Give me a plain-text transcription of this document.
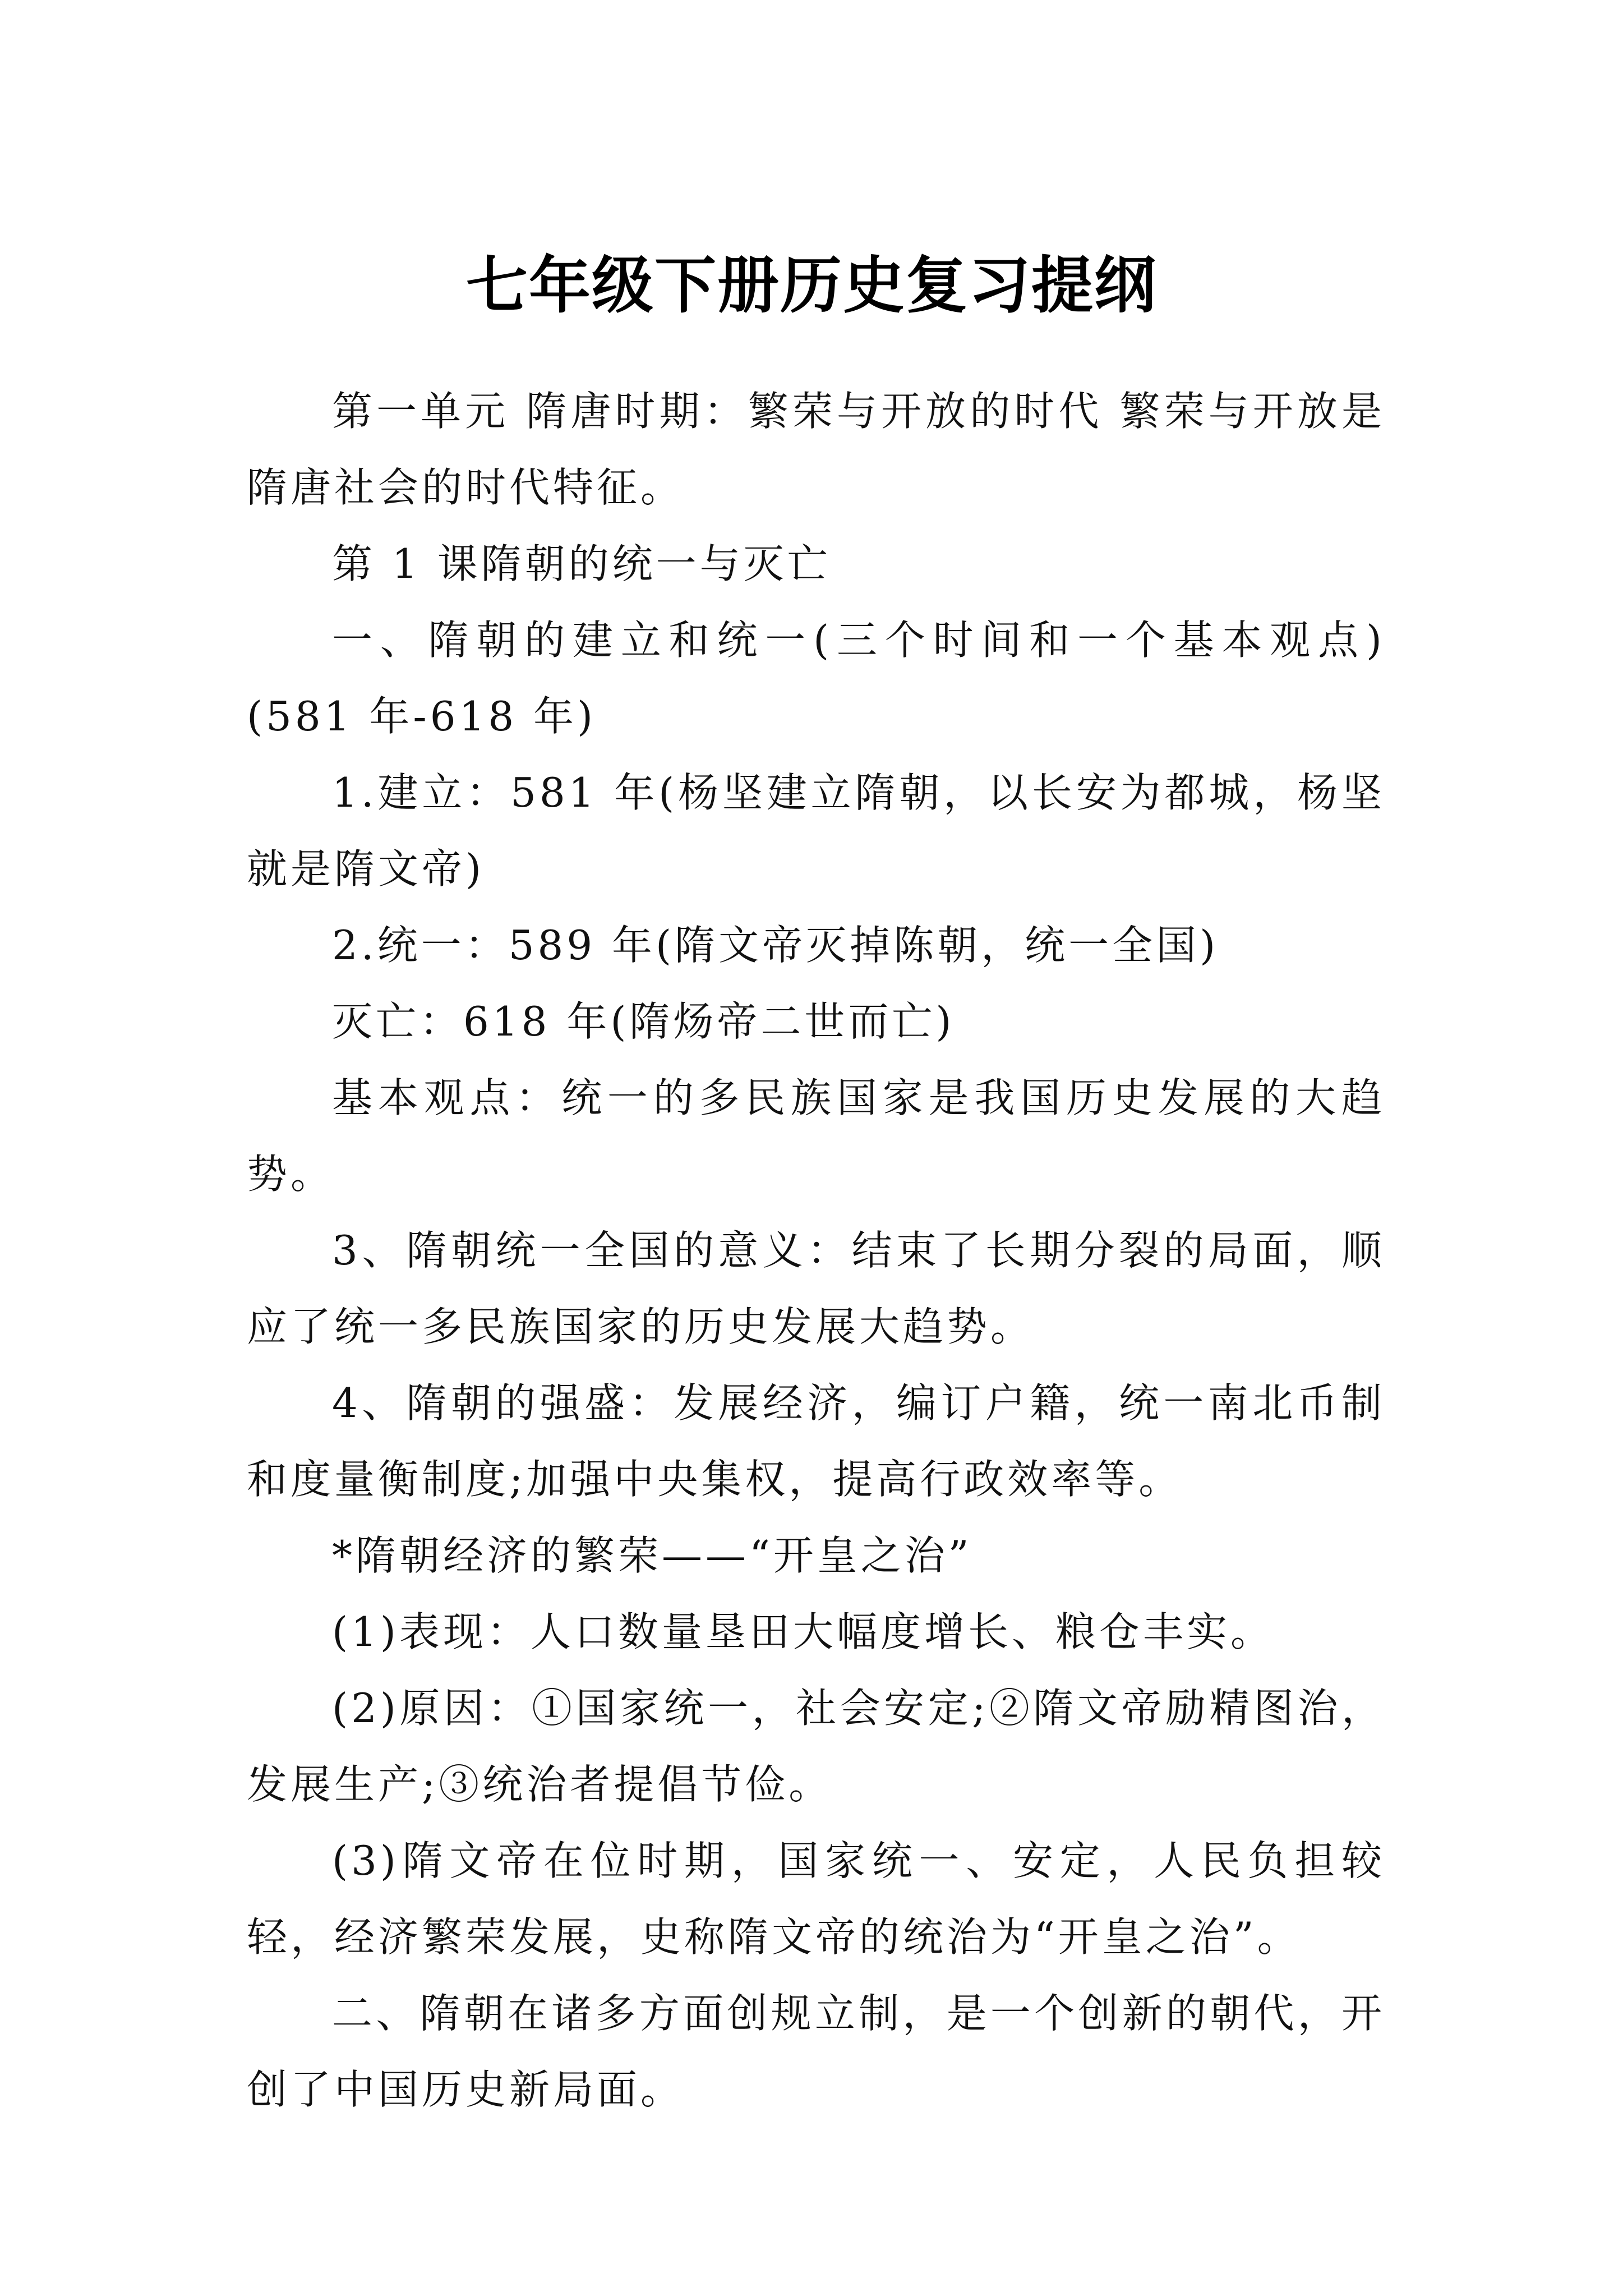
七年级下册历史复习提纲

第一单元 隋唐时期：繁荣与开放的时代 繁荣与开放是隋唐社会的时代特征。

第 1 课隋朝的统一与灭亡

一、隋朝的建立和统一(三个时间和一个基本观点)(581 年-618 年)

1.建立：581 年(杨坚建立隋朝，以长安为都城，杨坚就是隋文帝)

2.统一：589 年(隋文帝灭掉陈朝，统一全国)

灭亡：618 年(隋炀帝二世而亡)

基本观点：统一的多民族国家是我国历史发展的大趋势。

3、隋朝统一全国的意义：结束了长期分裂的局面，顺应了统一多民族国家的历史发展大趋势。

4、隋朝的强盛：发展经济，编订户籍，统一南北币制和度量衡制度;加强中央集权，提高行政效率等。

*隋朝经济的繁荣——“开皇之治”

(1)表现：人口数量垦田大幅度增长、粮仓丰实。

(2)原因：①国家统一，社会安定;②隋文帝励精图治，发展生产;③统治者提倡节俭。

(3)隋文帝在位时期，国家统一、安定，人民负担较轻，经济繁荣发展，史称隋文帝的统治为“开皇之治”。

二、隋朝在诸多方面创规立制，是一个创新的朝代，开创了中国历史新局面。
